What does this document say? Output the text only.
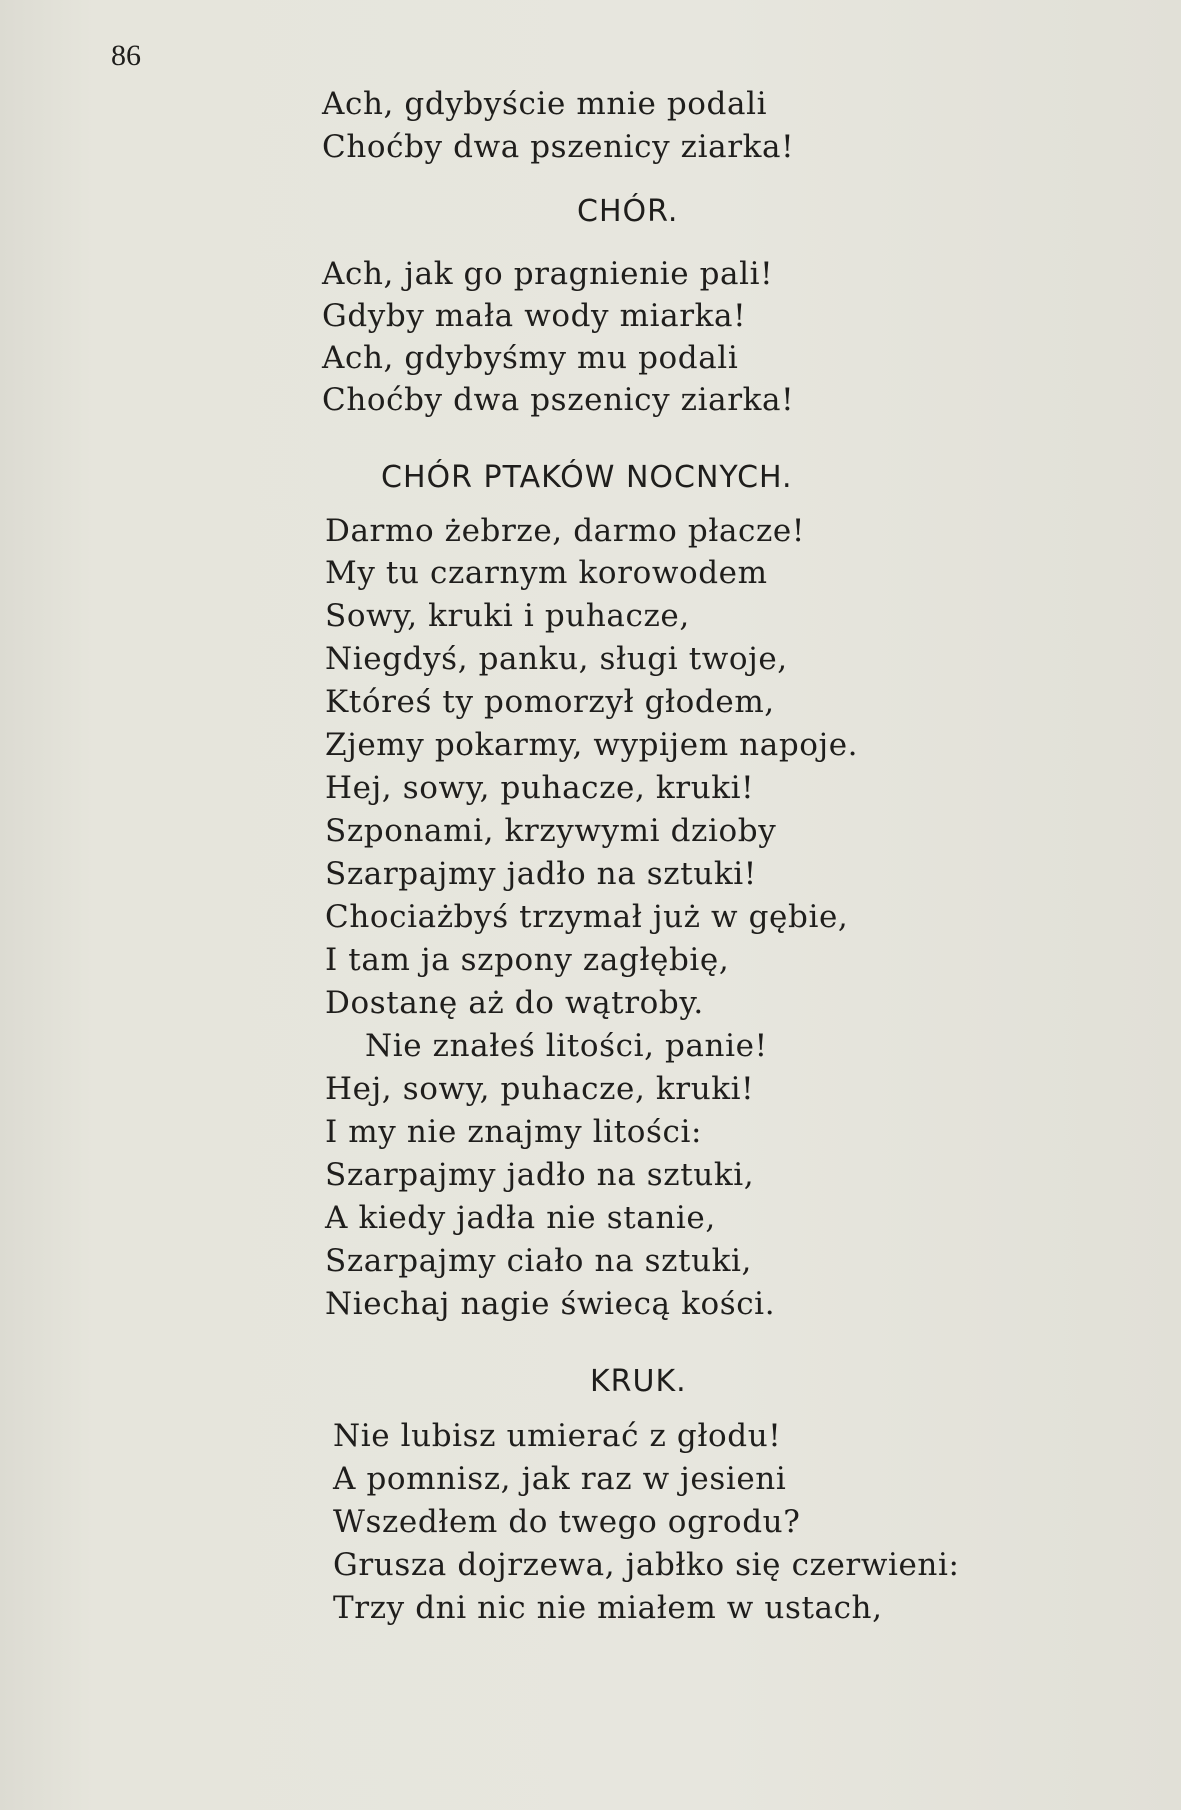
86
Ach, gdybyście mnie podali
Choćby dwa pszenicy ziarka!
CHÓR.
Ach, jak go pragnienie pali!
Gdyby mała wody miarka!
Ach, gdybyśmy mu podali
Choćby dwa pszenicy ziarka!
CHÓR PTAKÓW NOCNYCH.
Darmo żebrze, darmo płacze!
My tu czarnym korowodem
Sowy, kruki i puhacze,
Niegdyś, panku, sługi twoje,
Któreś ty pomorzył głodem,
Zjemy pokarmy, wypijem napoje.
Hej, sowy, puhacze, kruki!
Szponami, krzywymi dzioby
Szarpajmy jadło na sztuki!
Chociażbyś trzymał już w gębie,
I tam ja szpony zagłębię,
Dostanę aż do wątroby.
Nie znałeś litości, panie!
Hej, sowy, puhacze, kruki!
I my nie znajmy litości:
Szarpajmy jadło na sztuki,
A kiedy jadła nie stanie,
Szarpajmy ciało na sztuki,
Niechaj nagie świecą kości.
KRUK.
Nie lubisz umierać z głodu!
A pomnisz, jak raz w jesieni
Wszedłem do twego ogrodu?
Grusza dojrzewa, jabłko się czerwieni:
Trzy dni nic nie miałem w ustach,
